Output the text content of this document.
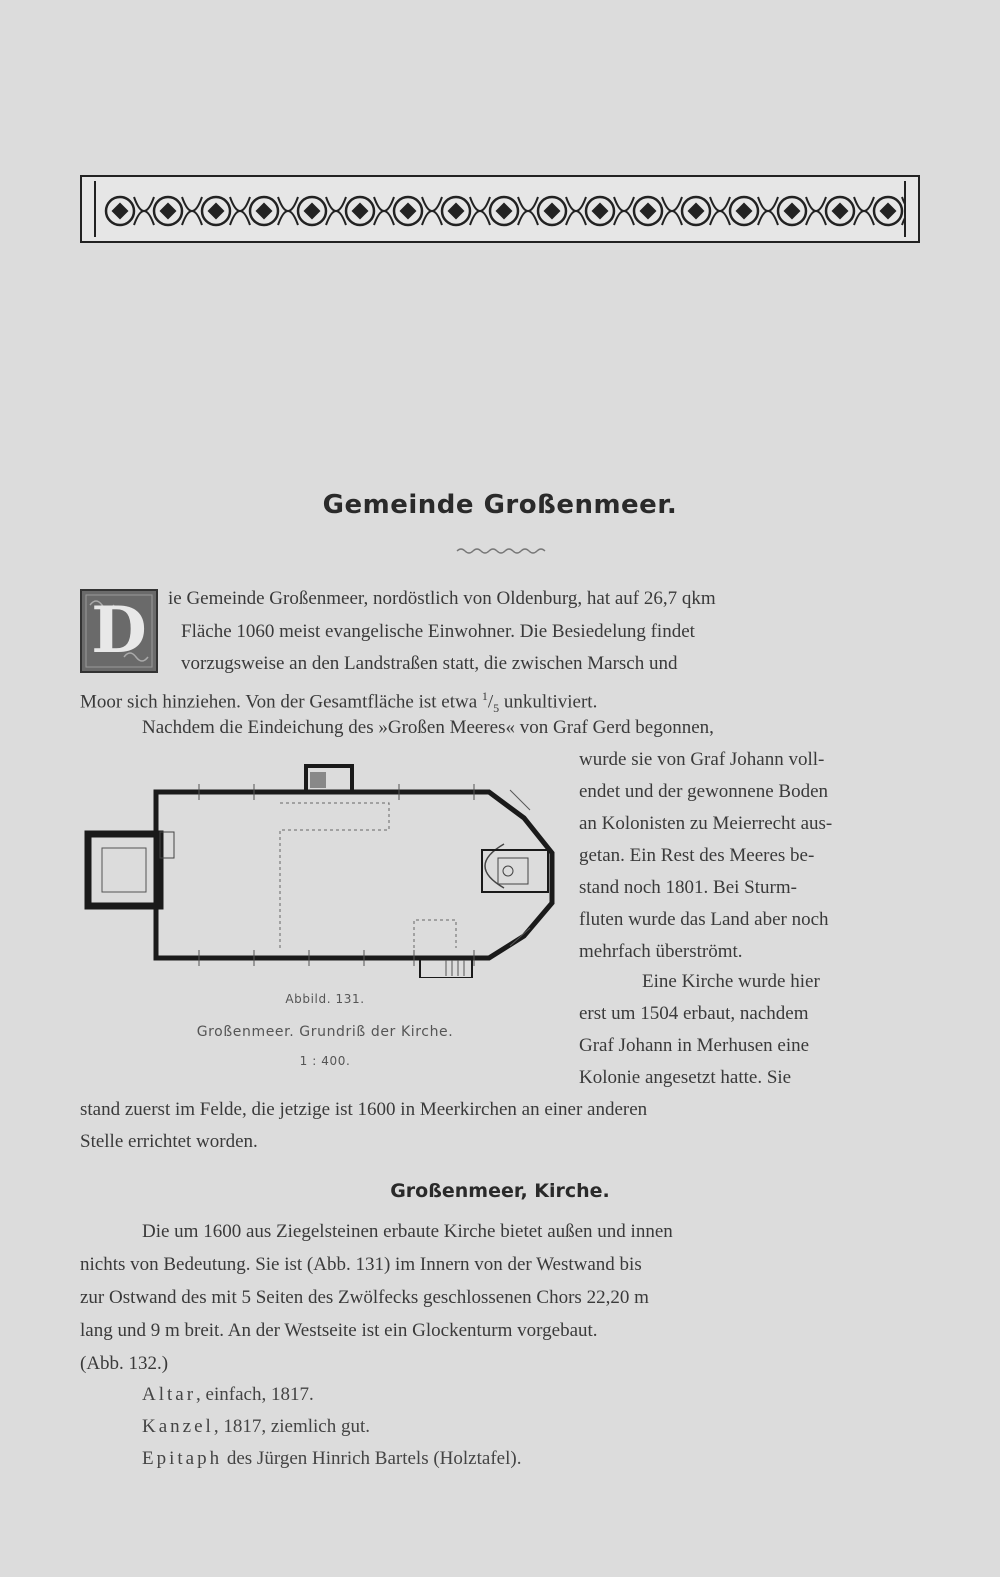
Gemeinde Großenmeer.
D	ie Gemeinde Großenmeer, nordöstlich von Oldenburg, hat auf 26,7 qkm

Fläche 1060 meist evangelische Einwohner. Die Besiedelung findet

vorzugsweise an den Landstraßen statt, die zwischen Marsch und

Moor sich hinziehen. Von der Gesamtfläche ist etwa $^1/_5$ unkultiviert.

Nachdem die Eindeichung des »Großen Meeres« von Graf Gerd begonnen,

wurde sie von Graf Johann voll-

endet und der gewonnene Boden

an Kolonisten zu Meierrecht aus-

getan. Ein Rest des Meeres be-

stand noch 1801. Bei Sturm-

fluten wurde das Land aber noch

mehrfach überströmt.

Eine Kirche wurde hier

erst um 1504 erbaut, nachdem

Graf Johann in Merhusen eine

Kolonie angesetzt hatte. Sie

stand zuerst im Felde, die jetzige ist 1600 in Meerkirchen an einer anderen

Stelle errichtet worden.

Abbild. 131.
Großenmeer. Grundriß der Kirche.
1 : 400.
Großenmeer, Kirche.

Die um 1600 aus Ziegelsteinen erbaute Kirche bietet außen und innen

nichts von Bedeutung. Sie ist (Abb. 131) im Innern von der Westwand bis

zur Ostwand des mit 5 Seiten des Zwölfecks geschlossenen Chors 22,20 m

lang und 9 m breit. An der Westseite ist ein Glockenturm vorgebaut.

(Abb. 132.)

Altar, einfach, 1817.
Kanzel, 1817, ziemlich gut.
Epitaph des Jürgen Hinrich Bartels (Holztafel).
